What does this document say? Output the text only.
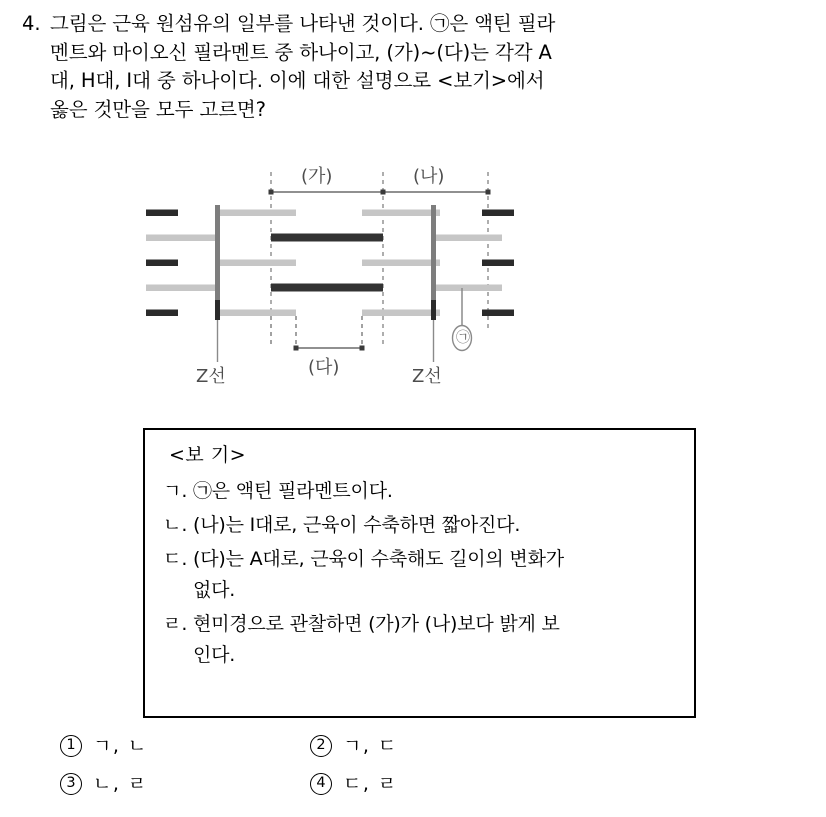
4. 그림은 근육 원섬유의 일부를 나타낸 것이다. ㉠은 액틴 필라
멘트와 마이오신 필라멘트 중 하나이고, (가)~(다)는 각각 A
대, H대, I대 중 하나이다. 이에 대한 설명으로 <보기>에서
옳은 것만을 모두 고르면?
(가)	(나)
(다)
Z선	Z선
㉠
<보 기>
ㄱ. ㉠은 액틴 필라멘트이다.
ㄴ. (나)는 I대로, 근육이 수축하면 짧아진다.
ㄷ. (다)는 A대로, 근육이 수축해도 길이의 변화가
없다.
ㄹ. 현미경으로 관찰하면 (가)가 (나)보다 밝게 보
인다.
1 ㄱ, ㄴ	2 ㄱ, ㄷ
3 ㄴ, ㄹ	4 ㄷ, ㄹ
